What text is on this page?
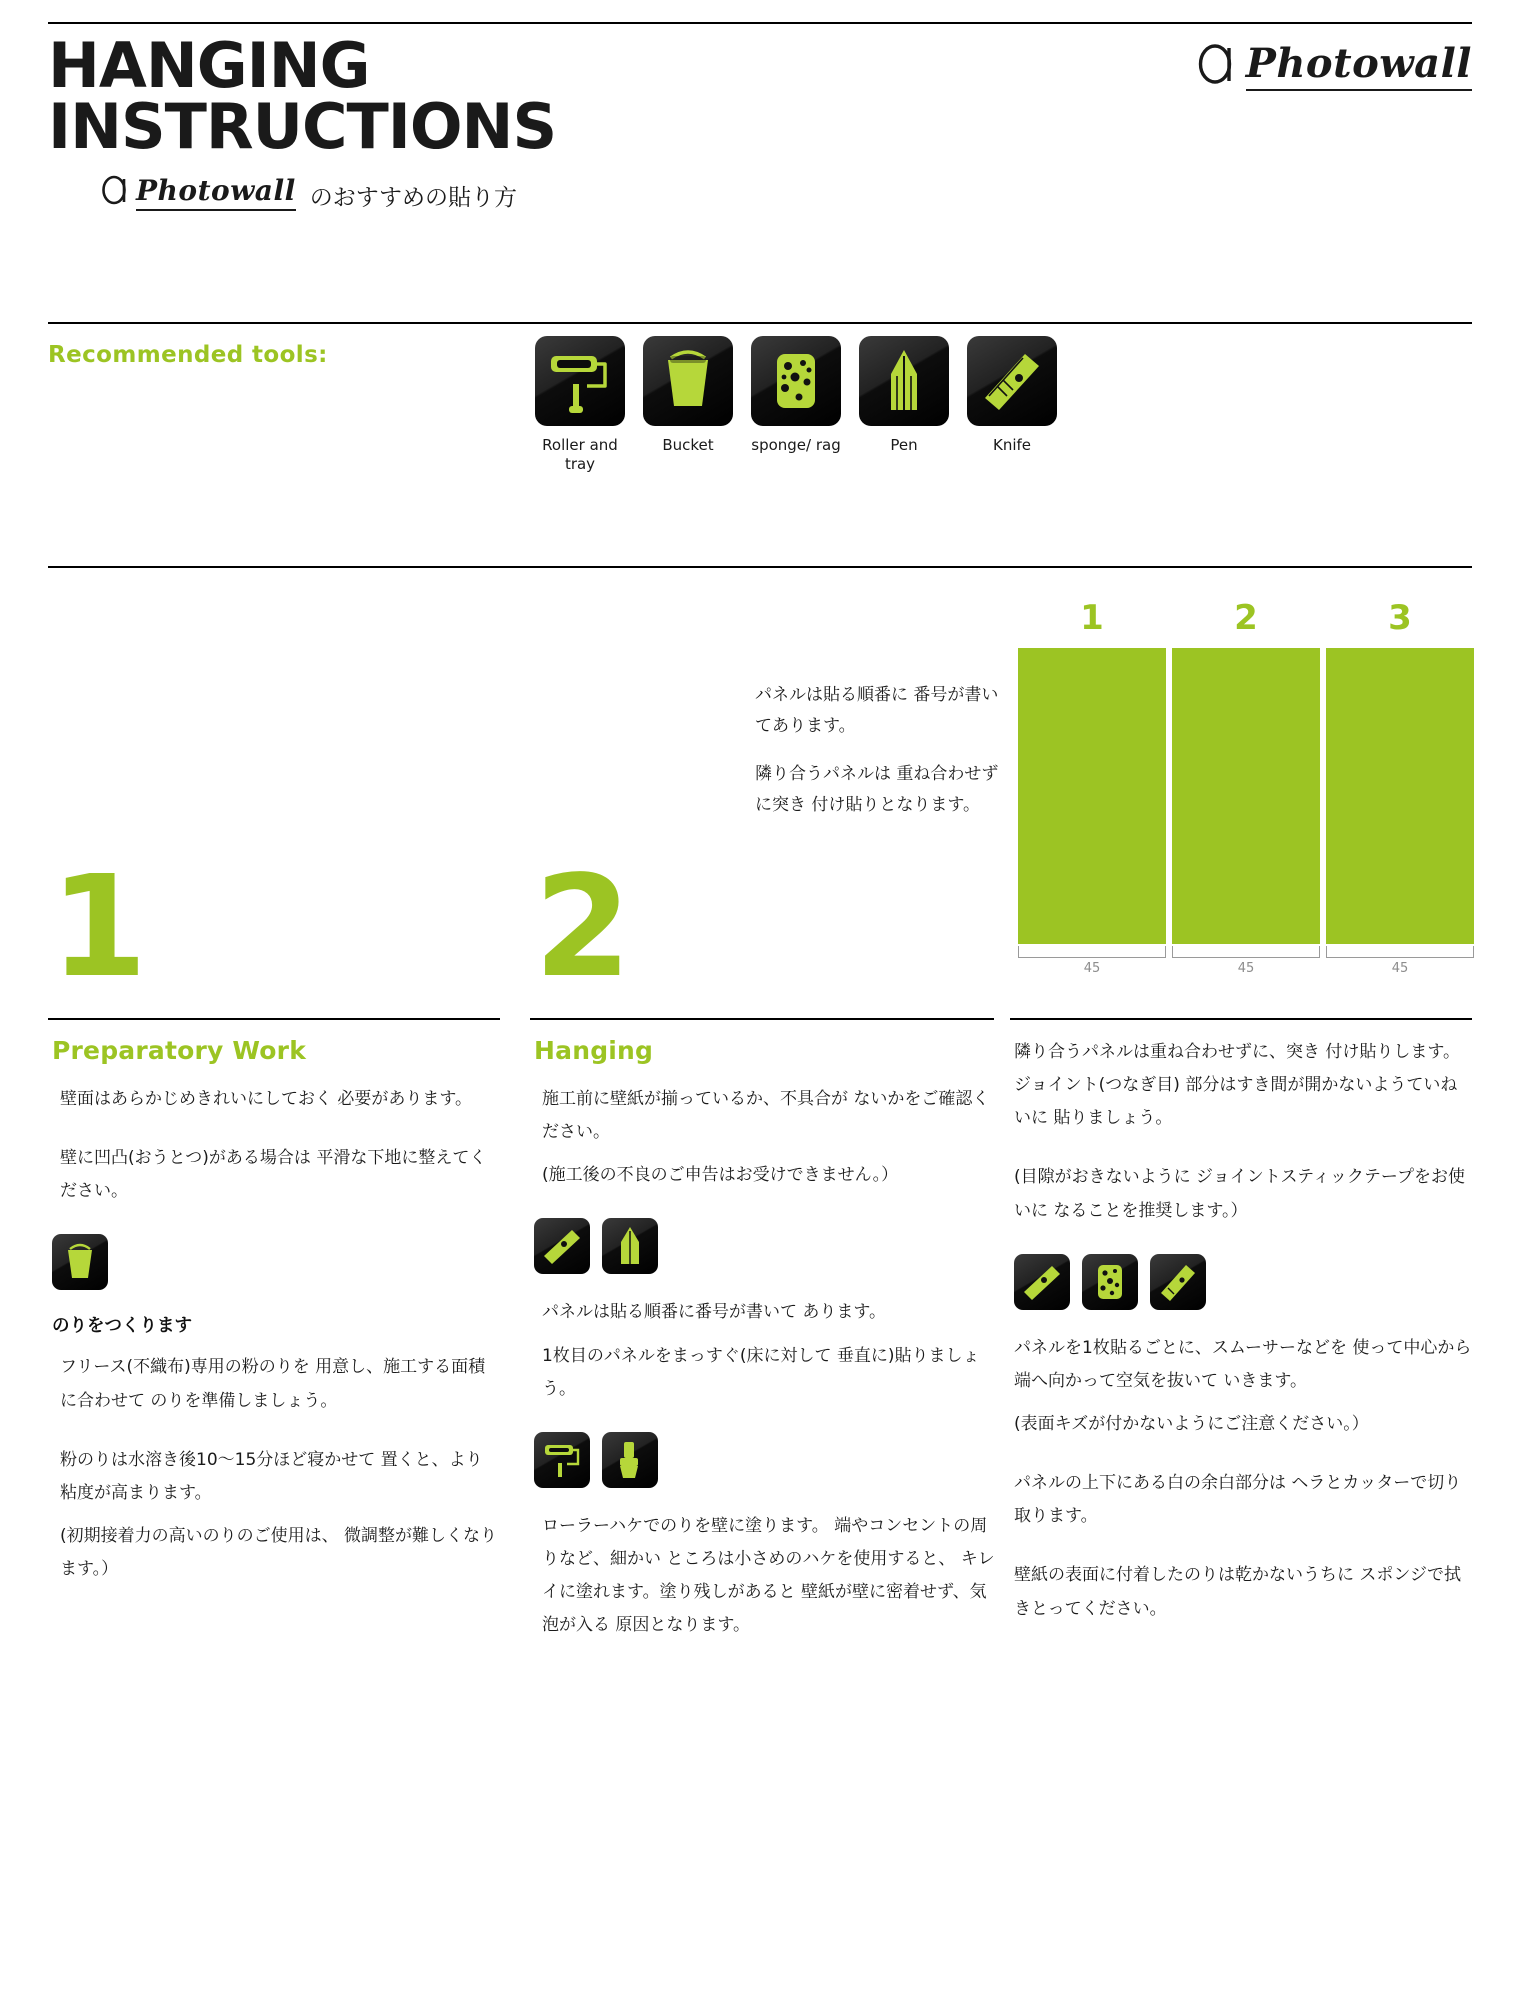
HANGING
INSTRUCTIONS
Photowall のおすすめの貼り方
Photowall
Recommended tools:
Roller and tray
Bucket	sponge/ rag	Pen	Knife
1	2
パネルは貼る順番に 番号が書いてあります。
隣り合うパネルは 重ね合わせずに突き 付け貼りとなります。
1	2	3
45	45	45
Preparatory Work

壁面はあらかじめきれいにしておく 必要があります。

壁に凹凸(おうとつ)がある場合は 平滑な下地に整えてください。

のりをつくります

フリース(不織布)専用の粉のりを 用意し、施工する面積に合わせて のりを準備しましょう。

粉のりは水溶き後10〜15分ほど寝かせて 置くと、より粘度が高まります。

(初期接着力の高いのりのご使用は、 微調整が難しくなります。）

Hanging

施工前に壁紙が揃っているか、不具合が ないかをご確認ください。

(施工後の不良のご申告はお受けできません。）

パネルは貼る順番に番号が書いて あります。

1枚目のパネルをまっすぐ(床に対して 垂直に)貼りましょう。

ローラーハケでのりを壁に塗ります。 端やコンセントの周りなど、細かい ところは小さめのハケを使用すると、 キレイに塗れます。塗り残しがあると 壁紙が壁に密着せず、気泡が入る 原因となります。

隣り合うパネルは重ね合わせずに、突き 付け貼りします。ジョイント(つなぎ目) 部分はすき間が開かないようていねいに 貼りましょう。

(目隙がおきないように ジョイントスティックテープをお使いに なることを推奨します。）

パネルを1枚貼るごとに、スムーサーなどを 使って中心から端へ向かって空気を抜いて いきます。

(表面キズが付かないようにご注意ください。）

パネルの上下にある白の余白部分は ヘラとカッターで切り取ります。

壁紙の表面に付着したのりは乾かないうちに スポンジで拭きとってください。
